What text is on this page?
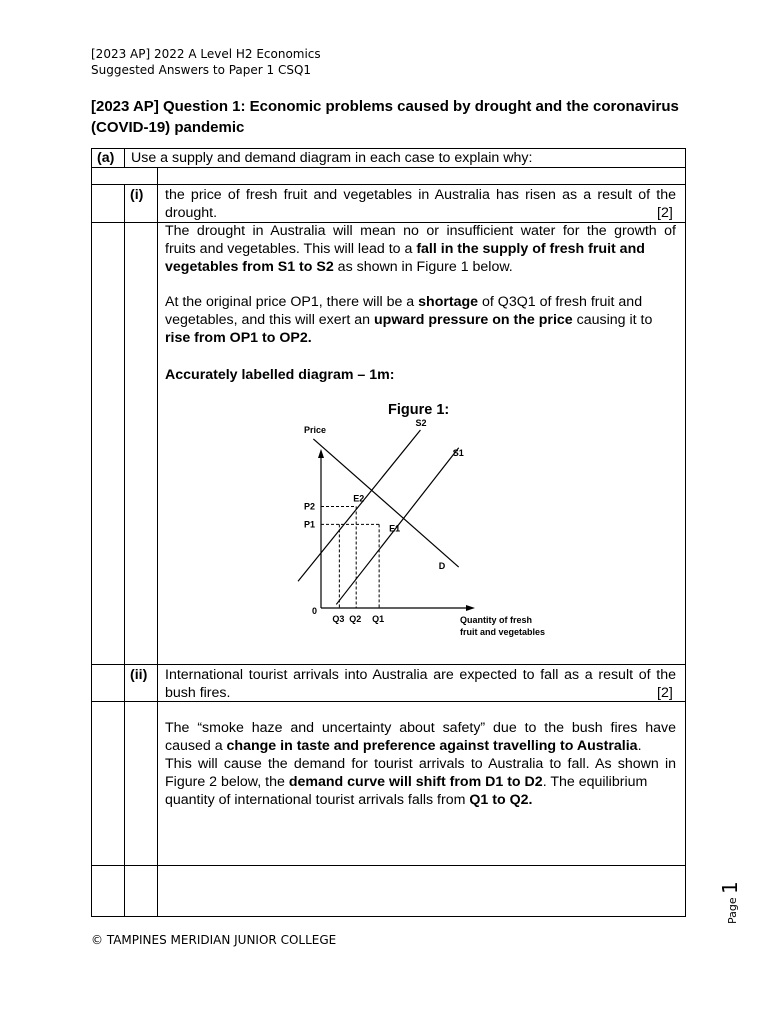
[2023 AP] 2022 A Level H2 Economics
Suggested Answers to Paper 1 CSQ1
[2023 AP] Question 1: Economic problems caused by drought and the coronavirus
(COVID-19) pandemic
(a) Use a supply and demand diagram in each case to explain why:
(i) the price of fresh fruit and vegetables in Australia has risen as a result of the
drought.	[2]
The drought in Australia will mean no or insufficient water for the growth of
fruits and vegetables. This will lead to a fall in the supply of fresh fruit and
vegetables from S1 to S2 as shown in Figure 1 below.
At the original price OP1, there will be a shortage of Q3Q1 of fresh fruit and
vegetables, and this will exert an upward pressure on the price causing it to
rise from OP1 to OP2.
Accurately labelled diagram – 1m:
Figure 1:
Price
0
Quantity of fresh
fruit and vegetables
S1
S2
D
E1
E2
P2
P1
Q3 Q2 Q1
(ii) International tourist arrivals into Australia are expected to fall as a result of the
bush fires.	[2]
The “smoke haze and uncertainty about safety” due to the bush fires have
caused a change in taste and preference against travelling to Australia.
This will cause the demand for tourist arrivals to Australia to fall. As shown in
Figure 2 below, the demand curve will shift from D1 to D2. The equilibrium
quantity of international tourist arrivals falls from Q1 to Q2.
Page
1
© TAMPINES MERIDIAN JUNIOR COLLEGE
